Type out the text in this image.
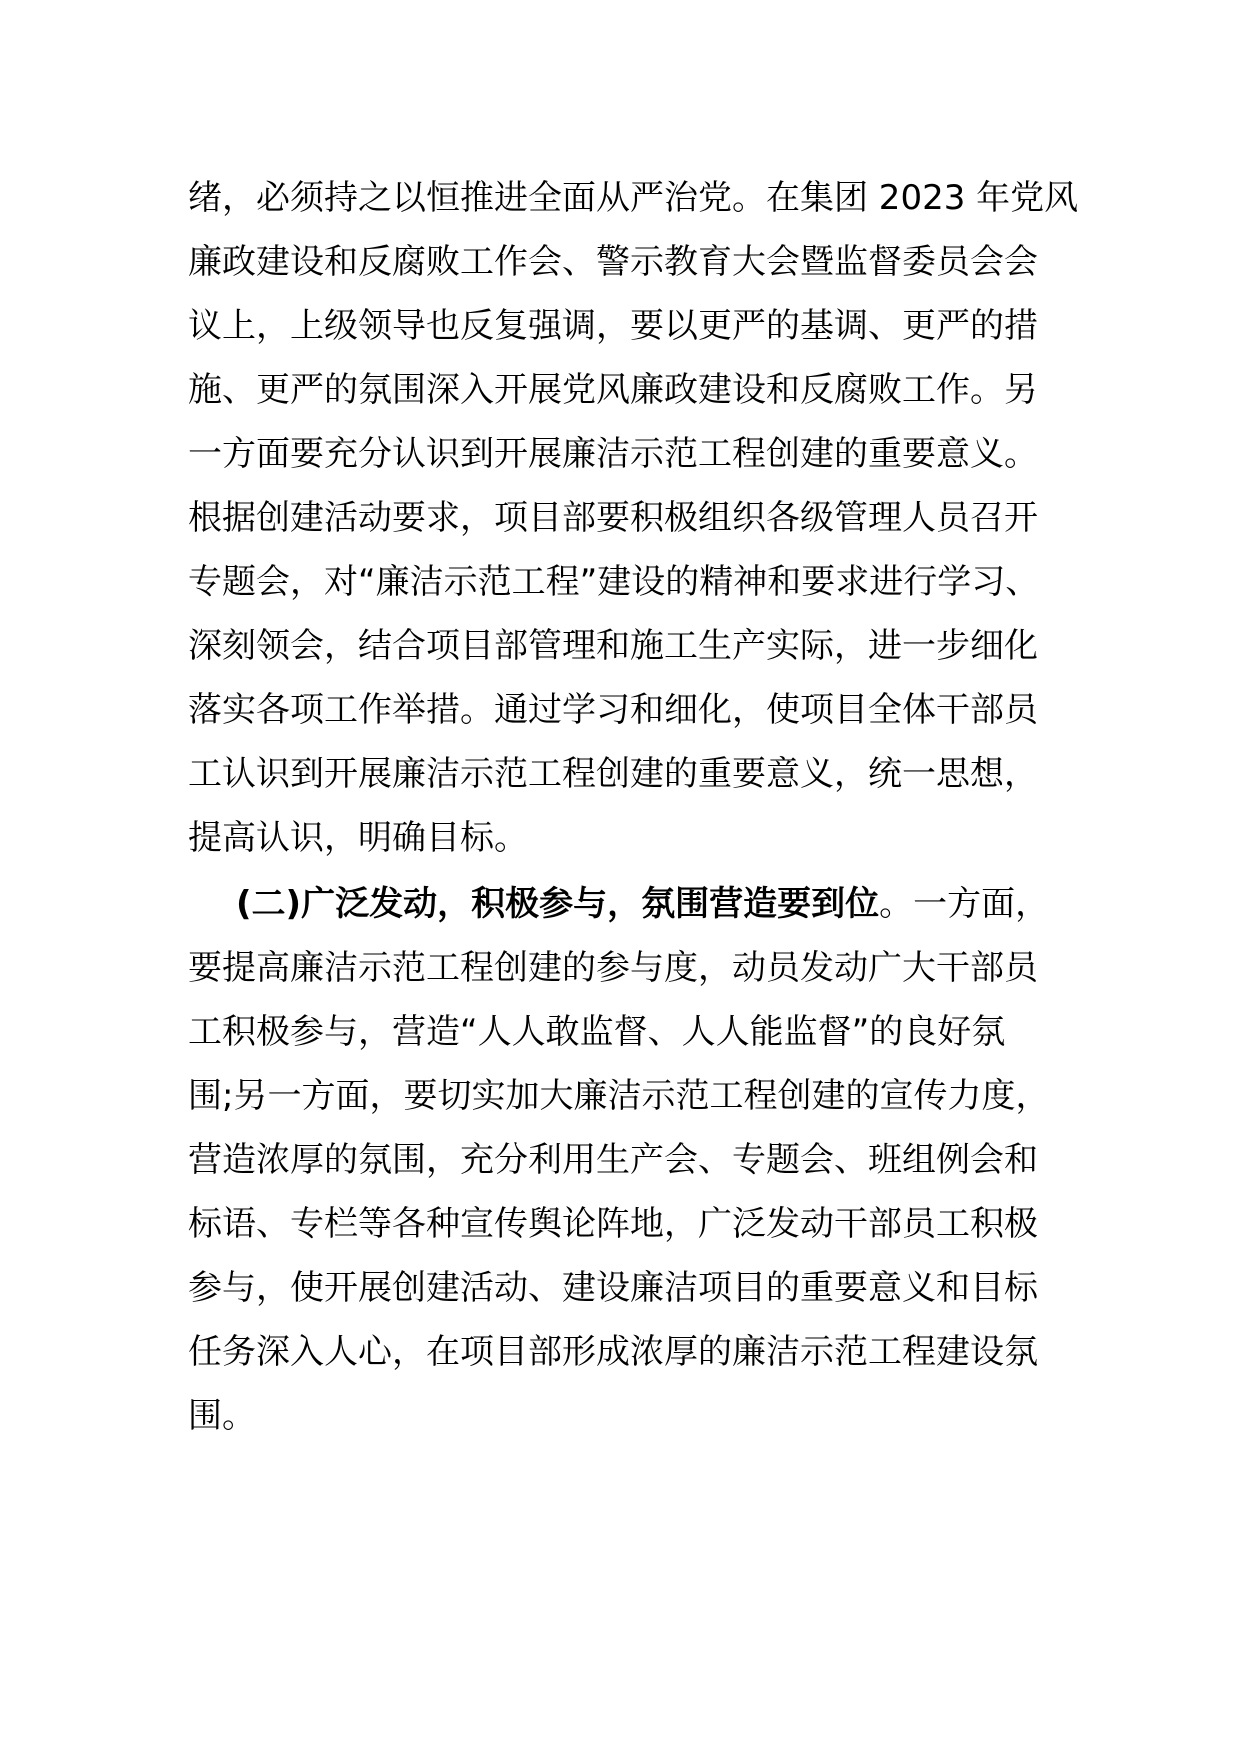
绪，必须持之以恒推进全面从严治党。在集团 2023 年党风
廉政建设和反腐败工作会、警示教育大会暨监督委员会会
议上，上级领导也反复强调，要以更严的基调、更严的措
施、更严的氛围深入开展党风廉政建设和反腐败工作。另
一方面要充分认识到开展廉洁示范工程创建的重要意义。
根据创建活动要求，项目部要积极组织各级管理人员召开
专题会，对“廉洁示范工程”建设的精神和要求进行学习、
深刻领会，结合项目部管理和施工生产实际，进一步细化
落实各项工作举措。通过学习和细化，使项目全体干部员
工认识到开展廉洁示范工程创建的重要意义，统一思想，
提高认识，明确目标。
(二)广泛发动，积极参与，氛围营造要到位。一方面，
要提高廉洁示范工程创建的参与度，动员发动广大干部员
工积极参与，营造“人人敢监督、人人能监督”的良好氛
围;另一方面，要切实加大廉洁示范工程创建的宣传力度，
营造浓厚的氛围，充分利用生产会、专题会、班组例会和
标语、专栏等各种宣传舆论阵地，广泛发动干部员工积极
参与，使开展创建活动、建设廉洁项目的重要意义和目标
任务深入人心，在项目部形成浓厚的廉洁示范工程建设氛
围。
